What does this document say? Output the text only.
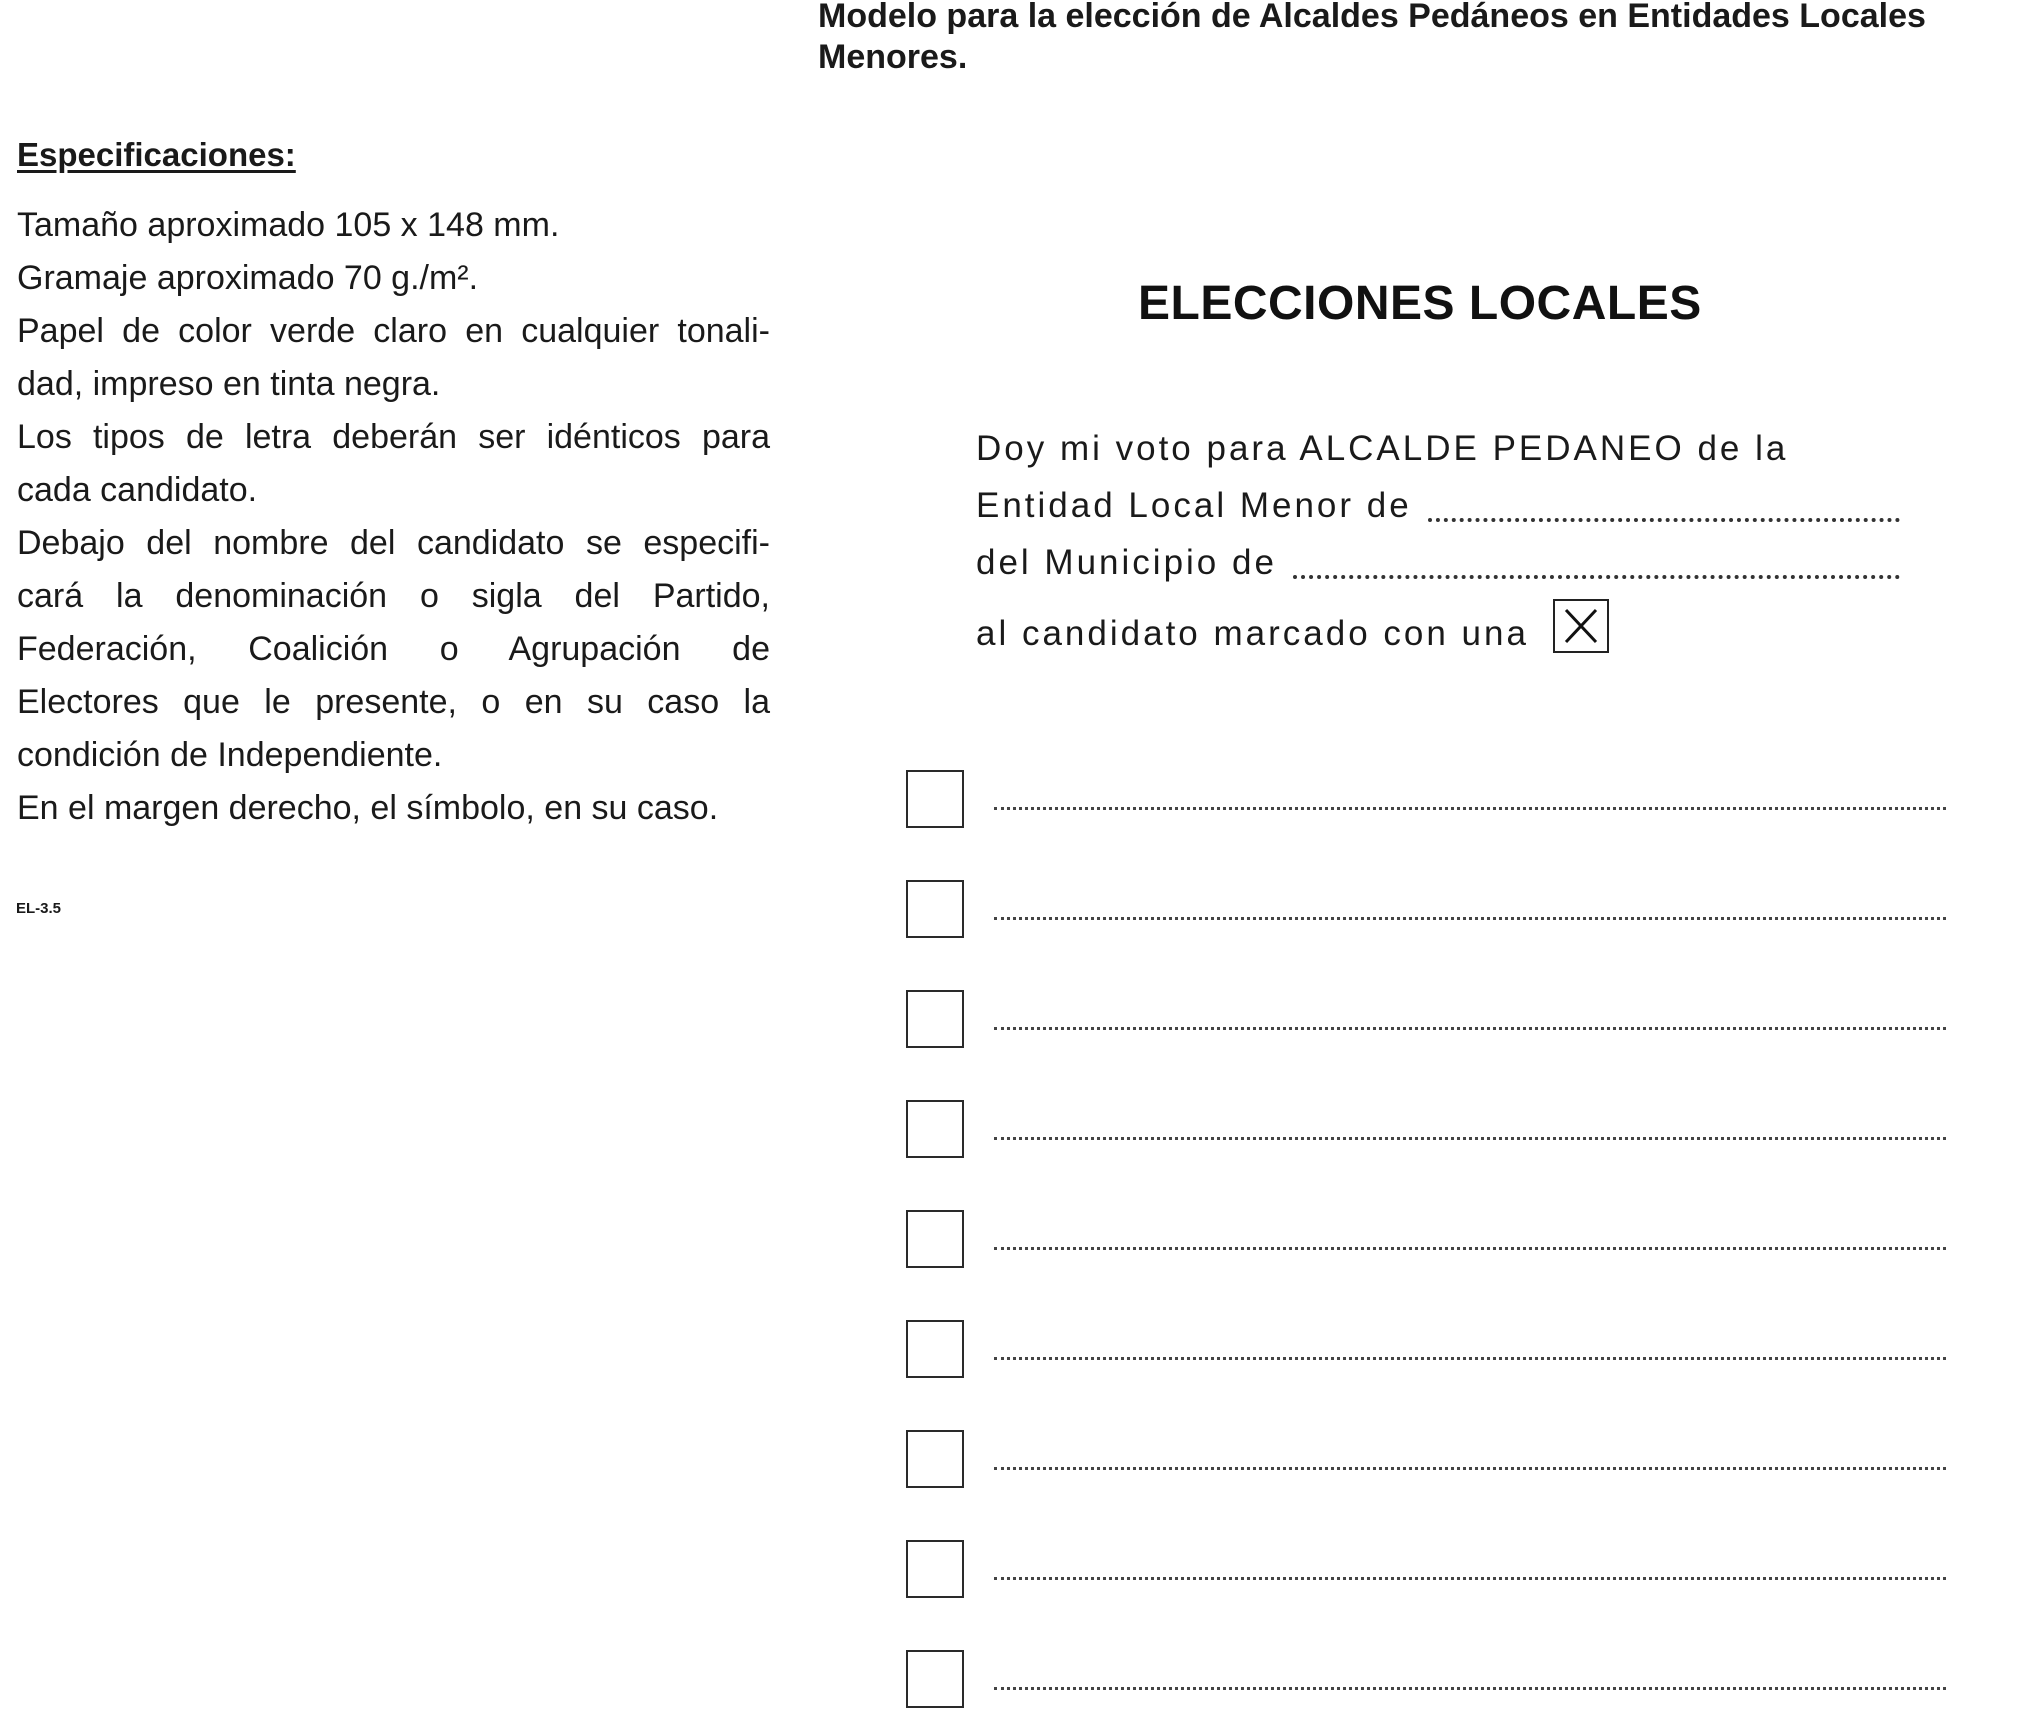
Modelo para la elección de Alcaldes Pedáneos en Entidades Locales
Menores.
Especificaciones:
Tamaño aproximado 105 x 148 mm.
Gramaje aproximado 70 g./m².
Papel de color verde claro en cualquier tonali-
dad, impreso en tinta negra.
Los tipos de letra deberán ser idénticos para
cada candidato.
Debajo del nombre del candidato se especifi-
cará la denominación o sigla del Partido,
Federación, Coalición o Agrupación de
Electores que le presente, o en su caso la
condición de Independiente.
En el margen derecho, el símbolo, en su caso.
EL-3.5
ELECCIONES LOCALES
Doy mi voto para ALCALDE PEDANEO de la
Entidad Local Menor de
del Municipio de
al candidato marcado con una
